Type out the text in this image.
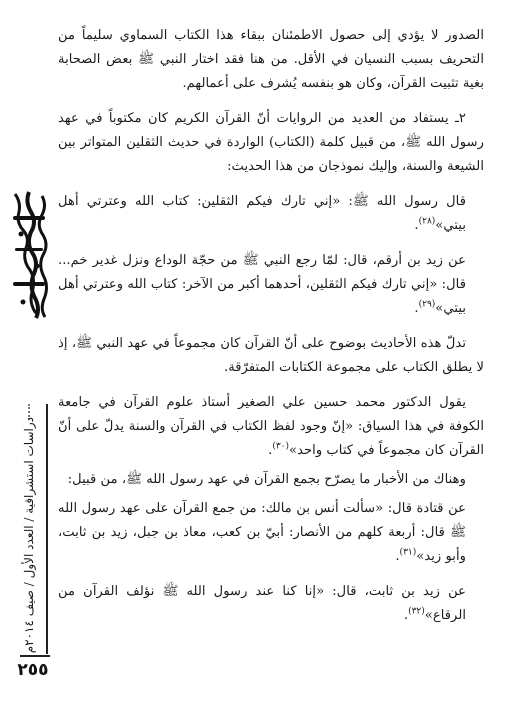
الصدور لا يؤدي إلى حصول الاطمئنان ببقاء هذا الكتاب السماوي سليماً من التحريف بسبب النسيان في الأقل. من هنا فقد اختار النبي ﷺ بعض الصحابة بغية تثبيت القرآن، وكان هو بنفسه يُشرف على أعمالهم.

٢ـ يستفاد من العديد من الروايات أنّ القرآن الكريم كان مكتوباً في عهد رسول الله ﷺ، من قبيل كلمة (الكتاب) الواردة في حديث الثقلين المتواتر بين الشيعة والسنة، وإليك نموذجان من هذا الحديث:

قال رسول الله ﷺ: «إني تارك فيكم الثقلين: كتاب الله وعترتي أهل بيتي»$^{(٢٨)}$.

عن زيد بن أرقم، قال: لمّا رجع النبي ﷺ من حجّة الوداع ونزل غدير خم... قال: «إني تارك فيكم الثقلين، أحدهما أكبر من الآخر: كتاب الله وعترتي أهل بيتي»$^{(٢٩)}$.

تدلّ هذه الأحاديث بوضوح على أنّ القرآن كان مجموعاً في عهد النبي ﷺ، إذ لا يطلق الكتاب على مجموعة الكتابات المتفرّقة.

يقول الدكتور محمد حسين علي الصغير أستاذ علوم القرآن في جامعة الكوفة في هذا السياق: «إنّ وجود لفظ الكتاب في القرآن والسنة يدلّ على أنّ القرآن كان مجموعاً في كتاب واحد»$^{(٣٠)}$.

وهناك من الأخبار ما يصرّح بجمع القرآن في عهد رسول الله ﷺ، من قبيل:

عن قتادة قال: «سألت أنس بن مالك: من جمع القرآن على عهد رسول الله ﷺ قال: أربعة كلهم من الأنصار: أبيّ بن كعب، معاذ بن جبل، زيد بن ثابت، وأبو زيد»$^{(٣١)}$.

عن زيد بن ثابت، قال: «إنا كنا عند رسول الله ﷺ نؤلف القرآن من الرقاع»$^{(٣٢)}$.

دراسات استشراقية / العدد الأول / صيف ٢٠١٤م
٢٥٥
